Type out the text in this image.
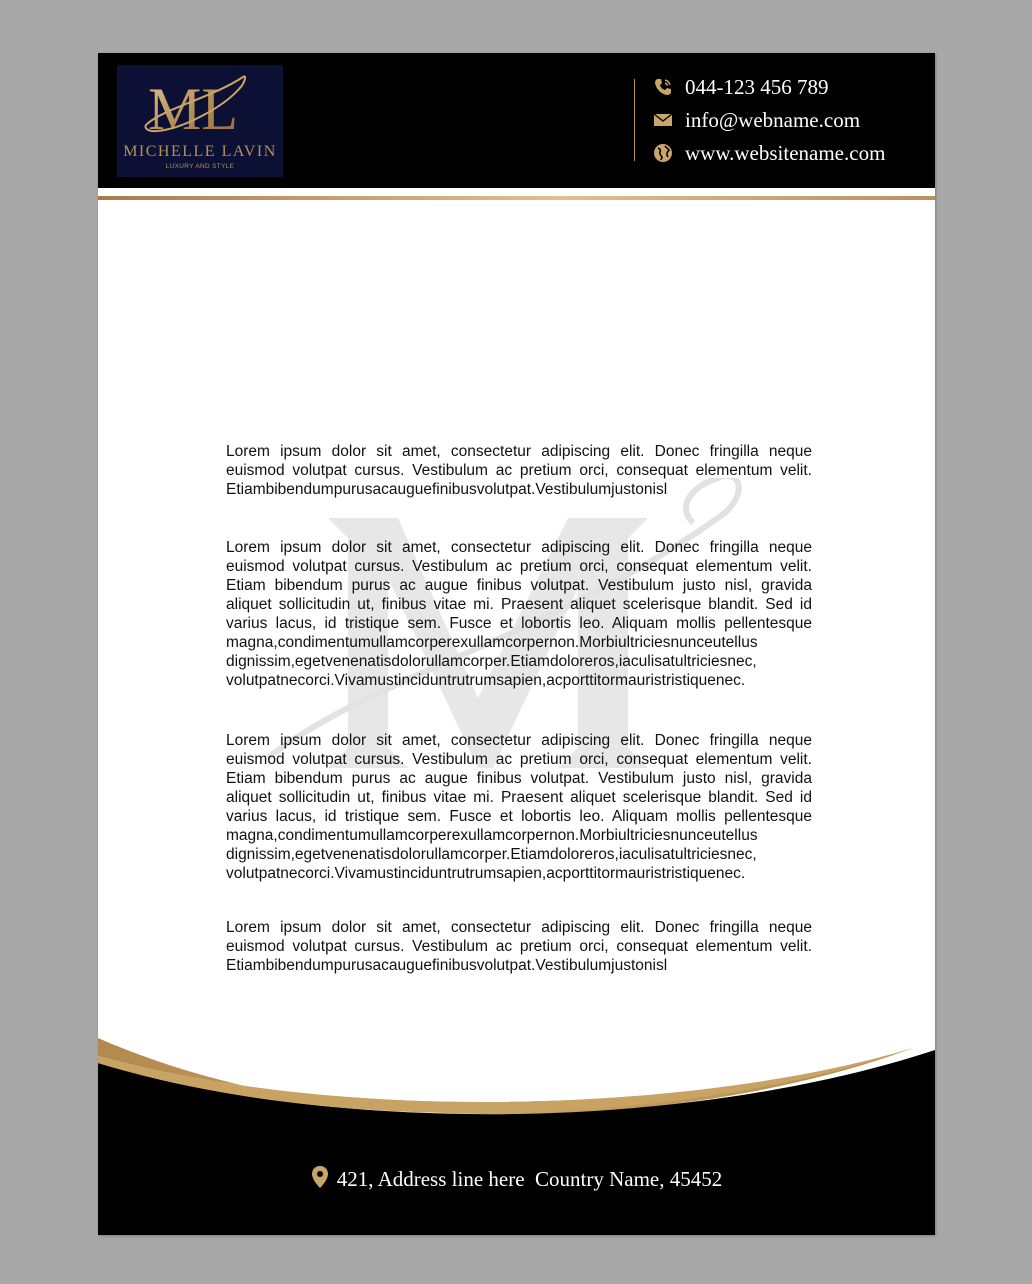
ML
MICHELLE LAVIN
LUXURY AND STYLE
044-123 456 789
info@webname.com
www.websitename.com
Lorem ipsum dolor sit amet, consectetur adipiscing elit. Donec fringilla neque euismod volutpat cursus. Vestibulum ac pretium orci, consequat elementum velit. Etiambibendumpurusacauguefinibusvolutpat.Vestibulumjustonisl
Lorem ipsum dolor sit amet, consectetur adipiscing elit. Donec fringilla neque euismod volutpat cursus. Vestibulum ac pretium orci, consequat elementum velit. Etiam bibendum purus ac augue finibus volutpat. Vestibulum justo nisl, gravida aliquet sollicitudin ut, finibus vitae mi. Praesent aliquet scelerisque blandit. Sed id varius lacus, id tristique sem. Fusce et lobortis leo. Aliquam mollis pellentesque magna,condimentumullamcorperexullamcorpernon.Morbiultriciesnunceutellus dignissim,egetvenenatisdolorullamcorper.Etiamdoloreros,iaculisatultriciesnec, volutpatnecorci.Vivamustinciduntrutrumsapien,acporttitormauristristiquenec.
Lorem ipsum dolor sit amet, consectetur adipiscing elit. Donec fringilla neque euismod volutpat cursus. Vestibulum ac pretium orci, consequat elementum velit. Etiam bibendum purus ac augue finibus volutpat. Vestibulum justo nisl, gravida aliquet sollicitudin ut, finibus vitae mi. Praesent aliquet scelerisque blandit. Sed id varius lacus, id tristique sem. Fusce et lobortis leo. Aliquam mollis pellentesque magna,condimentumullamcorperexullamcorpernon.Morbiultriciesnunceutellus dignissim,egetvenenatisdolorullamcorper.Etiamdoloreros,iaculisatultriciesnec, volutpatnecorci.Vivamustinciduntrutrumsapien,acporttitormauristristiquenec.
Lorem ipsum dolor sit amet, consectetur adipiscing elit. Donec fringilla neque euismod volutpat cursus. Vestibulum ac pretium orci, consequat elementum velit. Etiambibendumpurusacauguefinibusvolutpat.Vestibulumjustonisl
421, Address line here  Country Name, 45452
